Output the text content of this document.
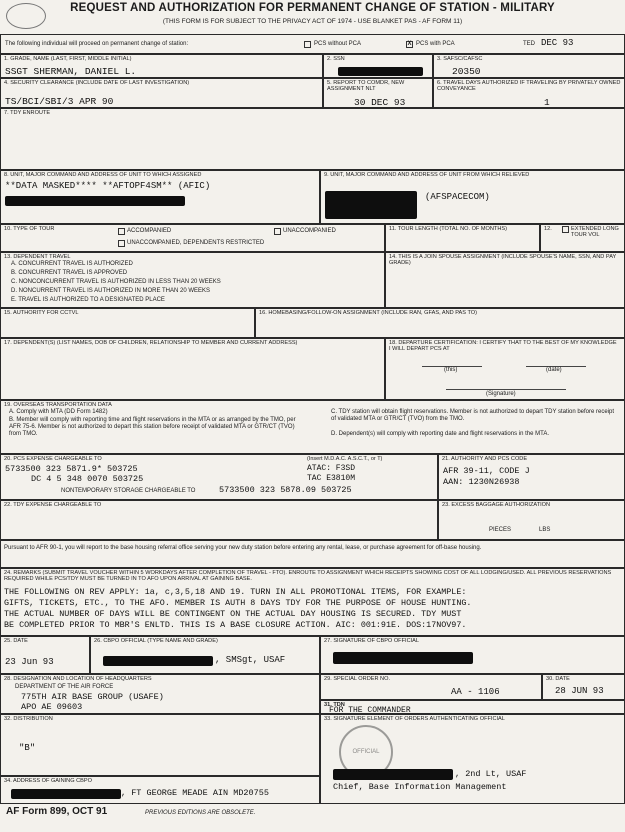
REQUEST AND AUTHORIZATION FOR PERMANENT CHANGE OF STATION - MILITARY
(THIS FORM IS FOR SUBJECT TO THE PRIVACY ACT OF 1974 - USE BLANKET PAS - AF FORM 11)
The following individual will proceed on permanent change of station:	PCS without PCA	X PCS with PCA	TED DEC 93
1. GRADE, NAME (LAST, FIRST, MIDDLE INITIAL)
SSGT SHERMAN, DANIEL L.
2. SSN	3. SAFSC/CAFSC
20350
4. SECURITY CLEARANCE (INCLUDE DATE OF LAST INVESTIGATION)
TS/BCI/SBI/3 APR 90
5. REPORT TO COMDR, NEW ASSIGNMENT NLT
30 DEC 93
6. TRAVEL DAYS AUTHORIZED IF TRAVELING BY PRIVATELY OWNED CONVEYANCE
1
7. TDY ENROUTE
8. UNIT, MAJOR COMMAND AND ADDRESS OF UNIT TO WHICH ASSIGNED
**DATA MASKED**** **AFTOPF4SM** (AFIC)
9. UNIT, MAJOR COMMAND AND ADDRESS OF UNIT FROM WHICH RELIEVED
(AFSPACECOM)
10. TYPE OF TOUR	ACCOMPANIED	UNACCOMPANIED
UNACCOMPANIED, DEPENDENTS RESTRICTED
11. TOUR LENGTH (TOTAL NO. OF MONTHS)	12.	EXTENDED LONG TOUR VOL
13. DEPENDENT TRAVEL
A. CONCURRENT TRAVEL IS AUTHORIZED
B. CONCURRENT TRAVEL IS APPROVED
C. NONCONCURRENT TRAVEL IS AUTHORIZED IN LESS THAN 20 WEEKS
D. NONCURRENT TRAVEL IS AUTHORIZED IN MORE THAN 20 WEEKS
E. TRAVEL IS AUTHORIZED TO A DESIGNATED PLACE
14. THIS IS A JOIN SPOUSE ASSIGNMENT (INCLUDE SPOUSE'S NAME, SSN, AND PAY GRADE)
15. AUTHORITY FOR CCTVL	16. HOMEBASING/FOLLOW-ON ASSIGNMENT (INCLUDE RAN, GFAS, AND PAS TO)
17. DEPENDENT(S) (LIST NAMES, DOB OF CHILDREN, RELATIONSHIP TO MEMBER AND CURRENT ADDRESS)	18. DEPARTURE CERTIFICATION: I CERTIFY THAT TO THE BEST OF MY KNOWLEDGE I WILL DEPART PCS AT
(this)	(date)
(Signature)
19. OVERSEAS TRANSPORTATION DATA
A. Comply with MTA (DD Form 1482)
B. Member will comply with reporting time and flight reservations in the MTA or as arranged by the TMO, per AFR 75-6. Member is not authorized to depart this station before receipt of validated MTA or GTR/CT (TVO) from TMO.
C. TDY station will obtain flight reservations. Member is not authorized to depart TDY station before receipt of validated MTA or GTR/CT (TVO) from the TMO.
D. Dependent(s) will comply with reporting date and flight reservations in the MTA.
20. PCS EXPENSE CHARGEABLE TO
5733500 323 5871.9* 503725
DC 4 5 348 0070 503725
NONTEMPORARY STORAGE CHARGEABLE TO	5733500 323 5878.09 503725
(Insert M.D.A.C. A.S.C.T., or T)
ATAC: F3SD
TAC E3810M
21. AUTHORITY AND PCS CODE
AFR 39-11, CODE J
AAN: 1230N26938
22. TDY EXPENSE CHARGEABLE TO	23. EXCESS BAGGAGE AUTHORIZATION
PIECES	LBS
Pursuant to AFR 90-1, you will report to the base housing referral office serving your new duty station before entering any rental, lease, or purchase agreement for off-base housing.
24. REMARKS (SUBMIT TRAVEL VOUCHER WITHIN 5 WORKDAYS AFTER COMPLETION OF TRAVEL - FTO). ENROUTE TO ASSIGNMENT WHICH RECEIPTS SHOWING COST OF ALL LODGING/USED. ALL PREVIOUS RESERVATIONS REQUIRED WHILE PCS/TDY MUST BE TURNED IN TO AFO UPON ARRIVAL AT GAINING BASE.
THE FOLLOWING ON REV APPLY: 1a, c,3,5,18 AND 19. TURN IN ALL PROMOTIONAL ITEMS, FOR EXAMPLE:
GIFTS, TICKETS, ETC., TO THE AFO. MEMBER IS AUTH 8 DAYS TDY FOR THE PURPOSE OF HOUSE HUNTING.
THE ACTUAL NUMBER OF DAYS WILL BE CONTINGENT ON THE ACTUAL DAY HOUSING IS SECURED. TDY MUST
BE COMPLETED PRIOR TO MBR'S ENLTD. THIS IS A BASE CLOSURE ACTION. AIC: 001:91E. DOS:17NOV97.
25. DATE
23 Jun 93
26. CBPO OFFICIAL (TYPE NAME AND GRADE)
, SMSgt, USAF
27. SIGNATURE OF CBPO OFFICIAL
28. DESIGNATION AND LOCATION OF HEADQUARTERS
DEPARTMENT OF THE AIR FORCE
775TH AIR BASE GROUP (USAFE)
APO AE 09603
29. SPECIAL ORDER NO.
AA - 1106
30. DATE
28 JUN 93
31. TDN
FOR THE COMMANDER
32. DISTRIBUTION
"B"
33. SIGNATURE ELEMENT OF ORDERS AUTHENTICATING OFFICIAL
OFFICIAL
, 2nd Lt, USAF
Chief, Base Information Management
34. ADDRESS OF GAINING CBPO
, FT GEORGE MEADE AIN MD20755
AF Form 899, OCT 91	PREVIOUS EDITIONS ARE OBSOLETE.
